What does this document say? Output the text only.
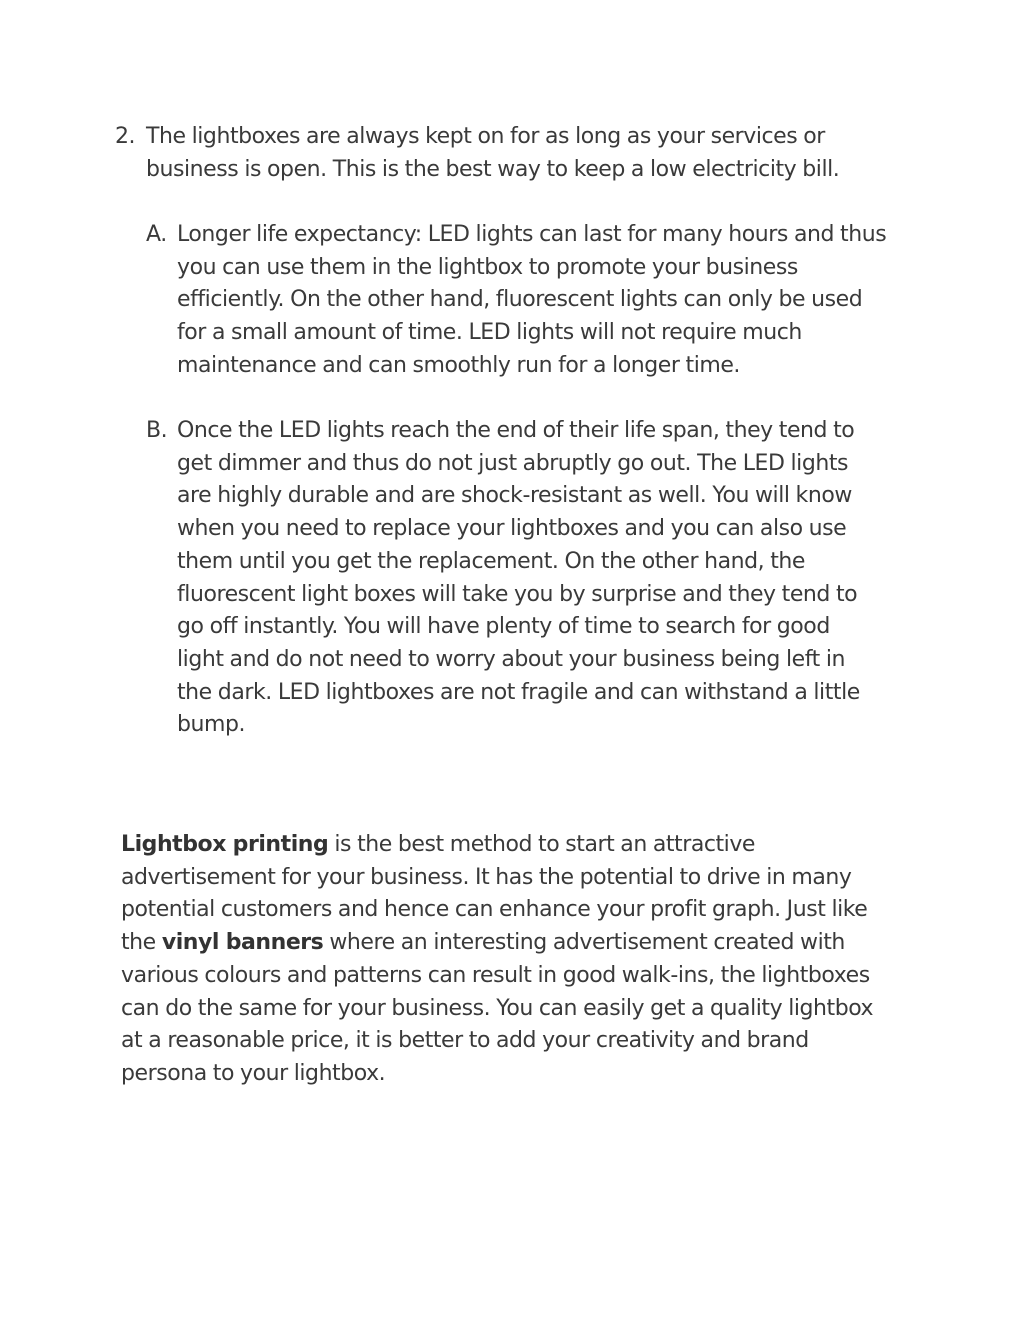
2. The lightboxes are always kept on for as long as your services or
business is open. This is the best way to keep a low electricity bill.
A. Longer life expectancy: LED lights can last for many hours and thus
you can use them in the lightbox to promote your business
efficiently. On the other hand, fluorescent lights can only be used
for a small amount of time. LED lights will not require much
maintenance and can smoothly run for a longer time.
B. Once the LED lights reach the end of their life span, they tend to
get dimmer and thus do not just abruptly go out. The LED lights
are highly durable and are shock-resistant as well. You will know
when you need to replace your lightboxes and you can also use
them until you get the replacement. On the other hand, the
fluorescent light boxes will take you by surprise and they tend to
go off instantly. You will have plenty of time to search for good
light and do not need to worry about your business being left in
the dark. LED lightboxes are not fragile and can withstand a little
bump.
Lightbox printing is the best method to start an attractive
advertisement for your business. It has the potential to drive in many
potential customers and hence can enhance your profit graph. Just like
the vinyl banners where an interesting advertisement created with
various colours and patterns can result in good walk-ins, the lightboxes
can do the same for your business. You can easily get a quality lightbox
at a reasonable price, it is better to add your creativity and brand
persona to your lightbox.
